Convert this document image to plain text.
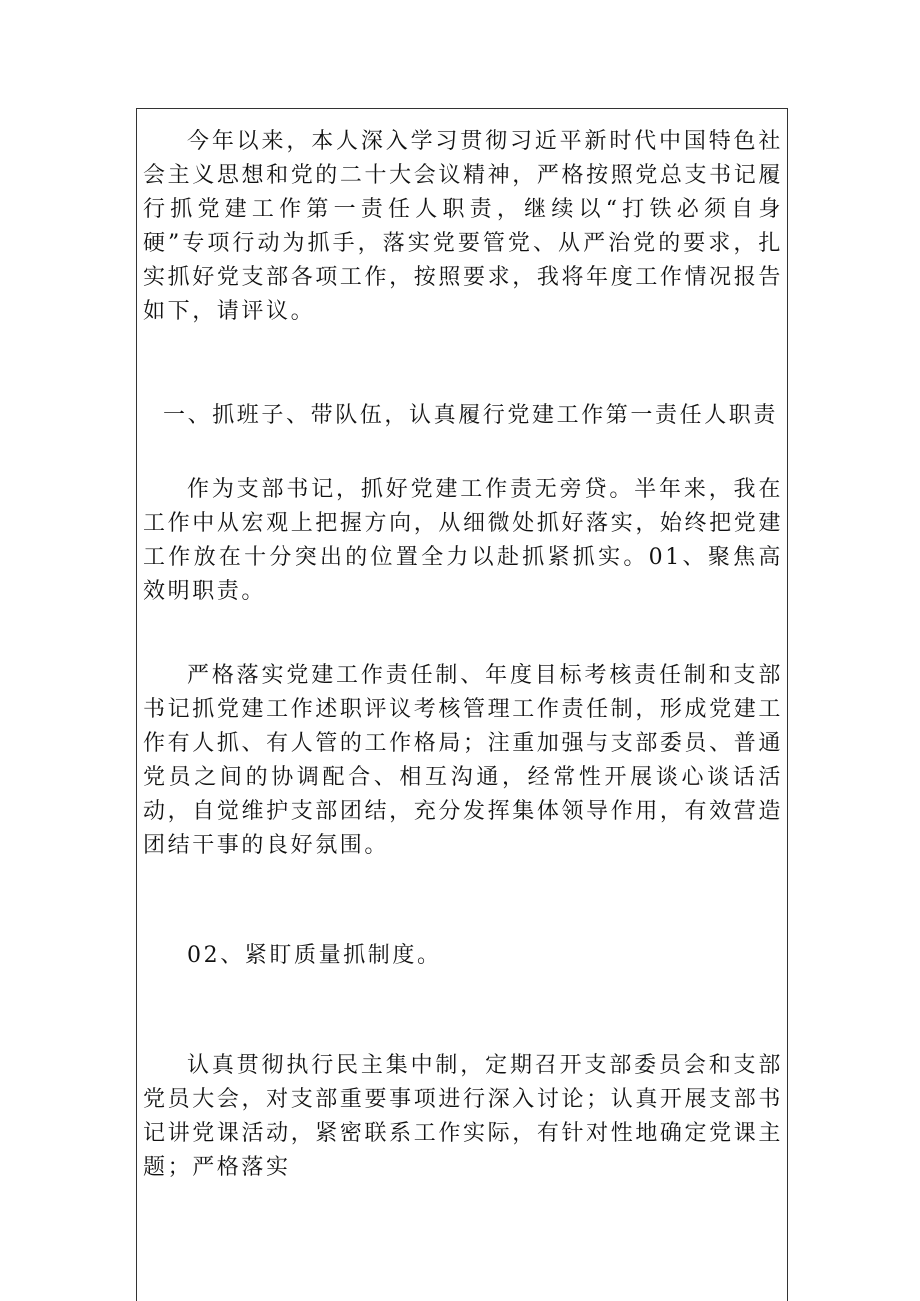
今年以来，本人深入学习贯彻习近平新时代中国特色社会主义思想和党的二十大会议精神，严格按照党总支书记履行抓党建工作第一责任人职责，继续以“打铁必须自身硬”专项行动为抓手，落实党要管党、从严治党的要求，扎实抓好党支部各项工作，按照要求，我将年度工作情况报告如下，请评议。

一、抓班子、带队伍，认真履行党建工作第一责任人职责

作为支部书记，抓好党建工作责无旁贷。半年来，我在工作中从宏观上把握方向，从细微处抓好落实，始终把党建工作放在十分突出的位置全力以赴抓紧抓实。01、聚焦高效明职责。

严格落实党建工作责任制、年度目标考核责任制和支部书记抓党建工作述职评议考核管理工作责任制，形成党建工作有人抓、有人管的工作格局；注重加强与支部委员、普通党员之间的协调配合、相互沟通，经常性开展谈心谈话活动，自觉维护支部团结，充分发挥集体领导作用，有效营造团结干事的良好氛围。

02、紧盯质量抓制度。

认真贯彻执行民主集中制，定期召开支部委员会和支部党员大会，对支部重要事项进行深入讨论；认真开展支部书记讲党课活动，紧密联系工作实际，有针对性地确定党课主题；严格落实
